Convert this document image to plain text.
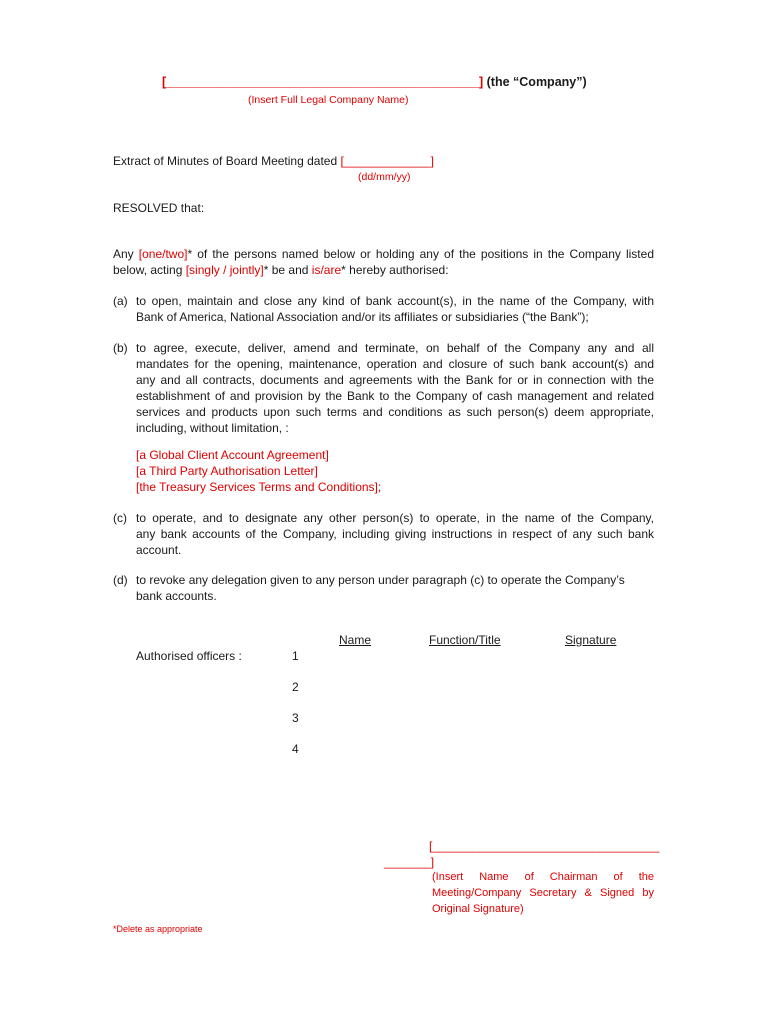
[_____________________________________________] (the “Company”)
(Insert Full Legal Company Name)
Extract of Minutes of Board Meeting dated [_____________]
(dd/mm/yy)
RESOLVED that:
Any [one/two]* of the persons named below or holding any of the positions in the Company listed
below, acting [singly / jointly]* be and is/are* hereby authorised:
(a) to open, maintain and close any kind of bank account(s), in the name of the Company, with
Bank of America, National Association and/or its affiliates or subsidiaries (“the Bank”);
(b) to agree, execute, deliver, amend and terminate, on behalf of the Company any and all
mandates for the opening, maintenance, operation and closure of such bank account(s) and
any and all contracts, documents and agreements with the Bank for or in connection with the
establishment of and provision by the Bank to the Company of cash management and related
services and products upon such terms and conditions as such person(s) deem appropriate,
including, without limitation, :
[a Global Client Account Agreement]
[a Third Party Authorisation Letter]
[the Treasury Services Terms and Conditions];
(c) to operate, and to designate any other person(s) to operate, in the name of the Company,
any bank accounts of the Company, including giving instructions in respect of any such bank
account.
(d) to revoke any delegation given to any person under paragraph (c) to operate the Company’s
bank accounts.
Name	Function/Title	Signature
Authorised officers :	1
2
3
4
[__________________________________
_______]
(Insert Name of Chairman of the
Meeting/Company Secretary & Signed by
Original Signature)
*Delete as appropriate
